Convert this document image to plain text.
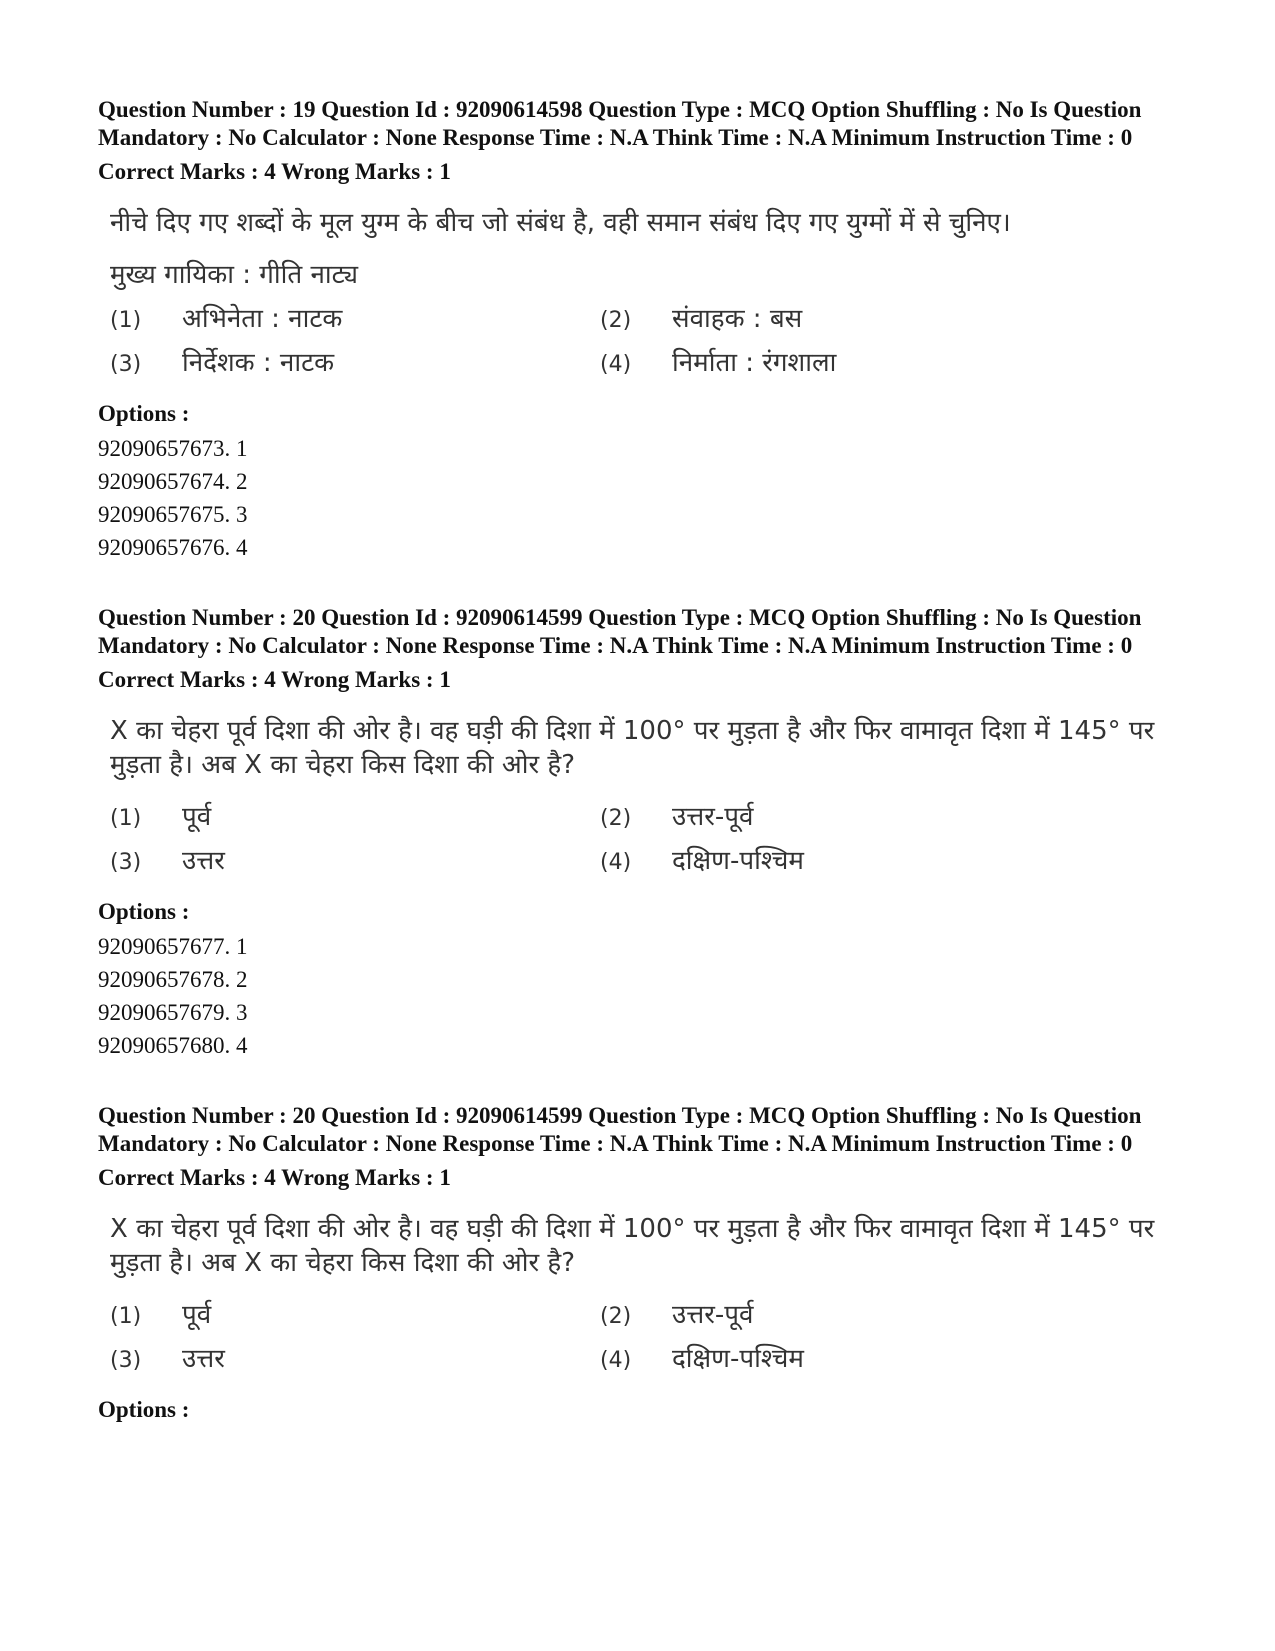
Question Number : 19 Question Id : 92090614598 Question Type : MCQ Option Shuffling : No Is Question Mandatory : No Calculator : None Response Time : N.A Think Time : N.A Minimum Instruction Time : 0

Correct Marks : 4 Wrong Marks : 1

नीचे दिए गए शब्दों के मूल युग्म के बीच जो संबंध है, वही समान संबंध दिए गए युग्मों में से चुनिए।

मुख्य गायिका : गीति नाट्य

(1)	अभिनेता : नाटक	(2)	संवाहक : बस
(3)	निर्देशक : नाटक	(4)	निर्माता : रंगशाला
Options :
92090657673. 1
92090657674. 2
92090657675. 3
92090657676. 4

Question Number : 20 Question Id : 92090614599 Question Type : MCQ Option Shuffling : No Is Question Mandatory : No Calculator : None Response Time : N.A Think Time : N.A Minimum Instruction Time : 0

Correct Marks : 4 Wrong Marks : 1

X का चेहरा पूर्व दिशा की ओर है। वह घड़ी की दिशा में 100° पर मुड़ता है और फिर वामावृत दिशा में 145° पर मुड़ता है। अब X का चेहरा किस दिशा की ओर है?

(1)	पूर्व	(2)	उत्तर-पूर्व
(3)	उत्तर	(4)	दक्षिण-पश्चिम
Options :
92090657677. 1
92090657678. 2
92090657679. 3
92090657680. 4

Question Number : 20 Question Id : 92090614599 Question Type : MCQ Option Shuffling : No Is Question Mandatory : No Calculator : None Response Time : N.A Think Time : N.A Minimum Instruction Time : 0

Correct Marks : 4 Wrong Marks : 1

X का चेहरा पूर्व दिशा की ओर है। वह घड़ी की दिशा में 100° पर मुड़ता है और फिर वामावृत दिशा में 145° पर मुड़ता है। अब X का चेहरा किस दिशा की ओर है?

(1)	पूर्व	(2)	उत्तर-पूर्व
(3)	उत्तर	(4)	दक्षिण-पश्चिम
Options :
